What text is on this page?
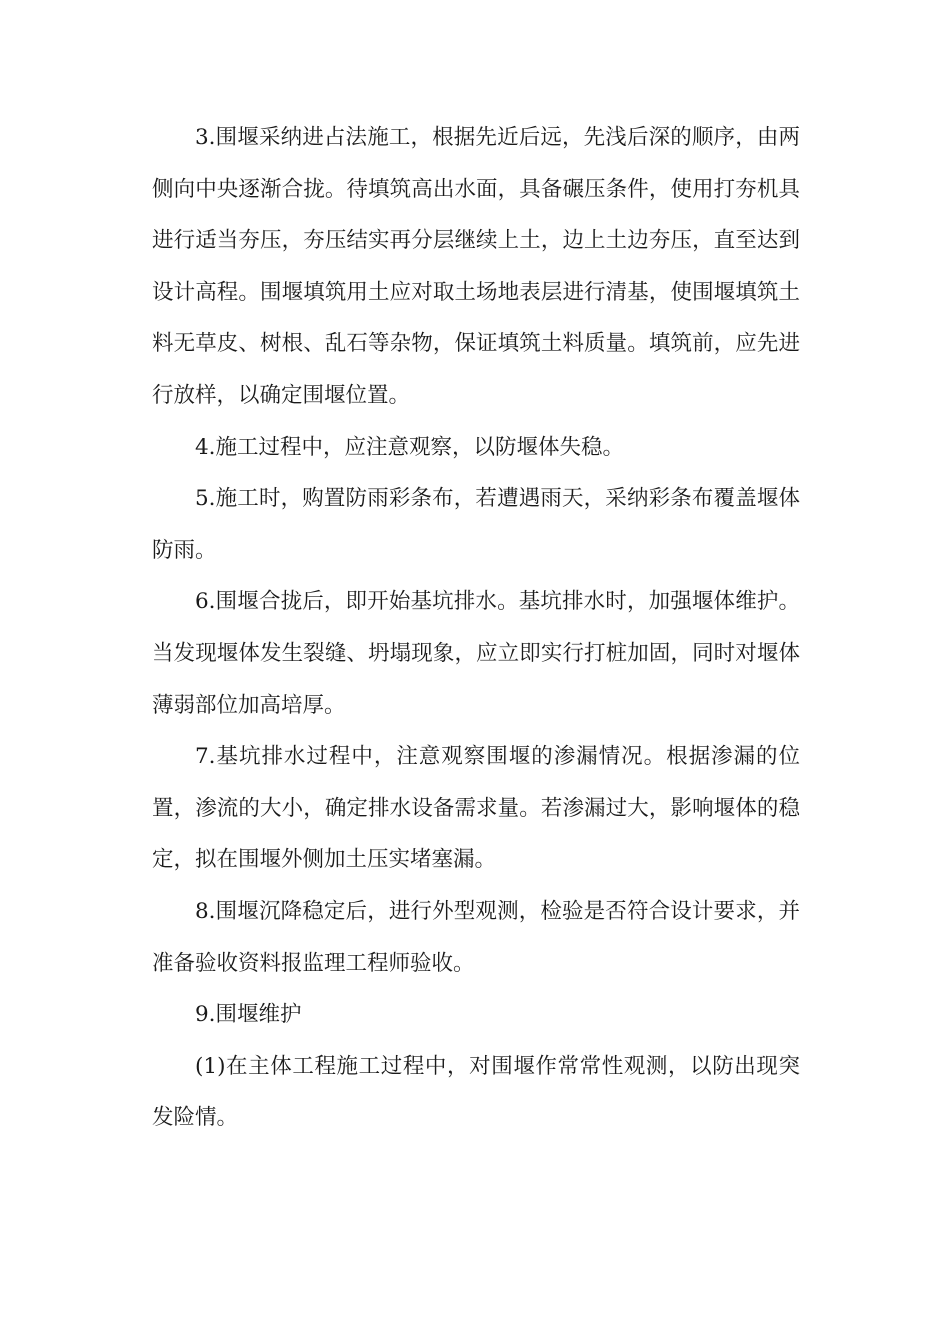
3.围堰采纳进占法施工，根据先近后远，先浅后深的顺序，由两侧向中央逐渐合拢。待填筑高出水面，具备碾压条件，使用打夯机具进行适当夯压，夯压结实再分层继续上土，边上土边夯压，直至达到设计高程。围堰填筑用土应对取土场地表层进行清基，使围堰填筑土料无草皮、树根、乱石等杂物，保证填筑土料质量。填筑前，应先进行放样，以确定围堰位置。

4.施工过程中，应注意观察，以防堰体失稳。

5.施工时，购置防雨彩条布，若遭遇雨天，采纳彩条布覆盖堰体防雨。

6.围堰合拢后，即开始基坑排水。基坑排水时，加强堰体维护。当发现堰体发生裂缝、坍塌现象，应立即实行打桩加固，同时对堰体薄弱部位加高培厚。

7.基坑排水过程中，注意观察围堰的渗漏情况。根据渗漏的位置，渗流的大小，确定排水设备需求量。若渗漏过大，影响堰体的稳定，拟在围堰外侧加土压实堵塞漏。

8.围堰沉降稳定后，进行外型观测，检验是否符合设计要求，并准备验收资料报监理工程师验收。

9.围堰维护

(1)在主体工程施工过程中，对围堰作常常性观测，以防出现突发险情。
